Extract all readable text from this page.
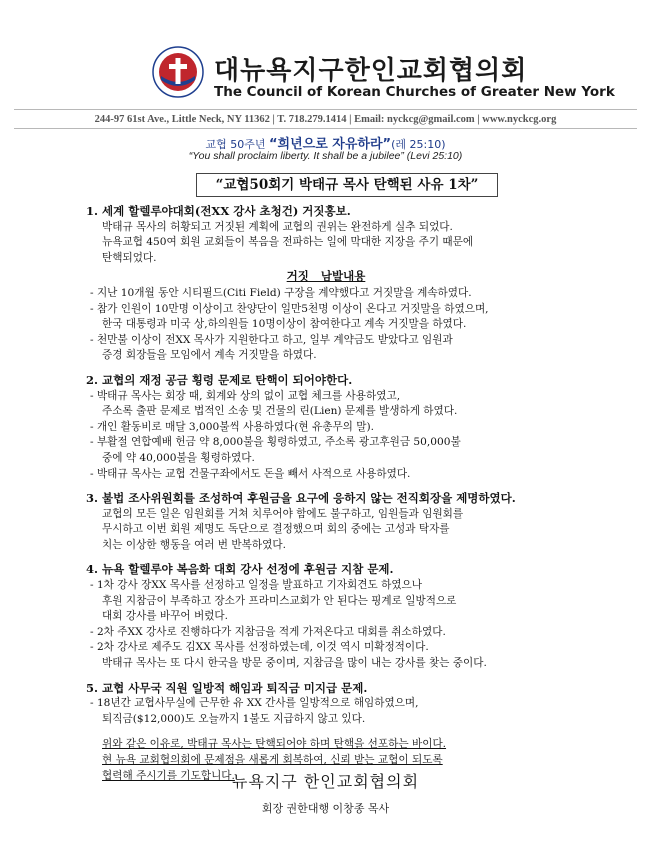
대뉴욕지구한인교회협의회
The Council of Korean Churches of Greater New York
244-97 61st Ave., Little Neck, NY 11362 | T. 718.279.1414 | Email: nyckcg@gmail.com | www.nyckcg.org
교협 50주년 “희년으로 자유하라”(레 25:10)
“You shall proclaim liberty. It shall be a jubilee” (Levi 25:10)
“교협50회기 박태규 목사 탄핵된 사유 1차”
1. 세계 할렐루야대회(전XX 강사 초청건) 거짓홍보.
박태규 목사의 허황되고 거짓된 계획에 교협의 권위는 완전하게 실추 되었다.
뉴욕교협 450여 회원 교회들이 복음을 전파하는 일에 막대한 지장을 주기 때문에
탄핵되었다.
거짓   남발내용
- 지난 10개월 동안 시티필드(Citi Field) 구장을 계약했다고 거짓말을 계속하였다.
- 참가 인원이 10만명 이상이고 찬양단이 일만5천명 이상이 온다고 거짓말을 하였으며,
한국 대통령과 미국 상,하의원들 10명이상이 참여한다고 계속 거짓말을 하였다.
- 천만불 이상이 전XX 목사가 지원한다고 하고, 일부 계약금도 받았다고 임원과
증경 회장들을 모임에서 계속 거짓말을 하였다.
2. 교협의 재정 공금 횡령 문제로 탄핵이 되어야한다.
- 박태규 목사는 회장 때, 회계와 상의 없이 교협 체크를 사용하였고,
주소록 출판 문제로 법적인 소송 및 건물의 린(Lien) 문제를 발생하게 하였다.
- 개인 활동비로 매달 3,000불씩 사용하였다(현 유총무의 말).
- 부활절 연합예배 헌금 약 8,000불을 횡령하였고, 주소록 광고후원금 50,000불
중에 약 40,000불을 횡령하였다.
- 박태규 목사는 교협 건물구좌에서도 돈을 빼서 사적으로 사용하였다.
3. 불법 조사위원회를 조성하여 후원금을 요구에 응하지 않는 전직회장을 제명하였다.
교협의 모든 일은 임원회를 거쳐 치루어야 함에도 불구하고, 임원들과 임원회를
무시하고 이번 회원 제명도 독단으로 결정했으며 회의 중에는 고성과 탁자를
치는 이상한 행동을 여러 번 반복하였다.
4. 뉴욕 할렐루야 복음화 대회 강사 선정에 후원금 지참 문제.
- 1차 강사 장XX 목사를 선정하고 일정을 발표하고 기자회견도 하였으나
후원 지참금이 부족하고 장소가 프라미스교회가 안 된다는 핑계로 일방적으로
대회 강사를 바꾸어 버렸다.
- 2차 주XX 강사로 진행하다가 지참금을 적게 가져온다고 대회를 취소하였다.
- 2차 강사로 제주도 김XX 목사를 선정하였는데, 이것 역시 미확정적이다.
박태규 목사는 또 다시 한국을 방문 중이며, 지참금을 많이 내는 강사를 찾는 중이다.
5. 교협 사무국 직원 일방적 해임과 퇴직금 미지급 문제.
- 18년간 교협사무실에 근무한 유 XX 간사를 일방적으로 해임하였으며,
퇴직금($12,000)도 오늘까지 1불도 지급하지 않고 있다.
위와 같은 이유로, 박태규 목사는 탄핵되어야 하며 탄핵을 선포하는 바이다.
현 뉴욕 교회협의회에 문제점을 새롭게 회복하여, 신뢰 받는 교협이 되도록
협력해 주시기를 기도합니다.
뉴욕지구 한인교회협의회
회장 권한대행 이창종 목사
